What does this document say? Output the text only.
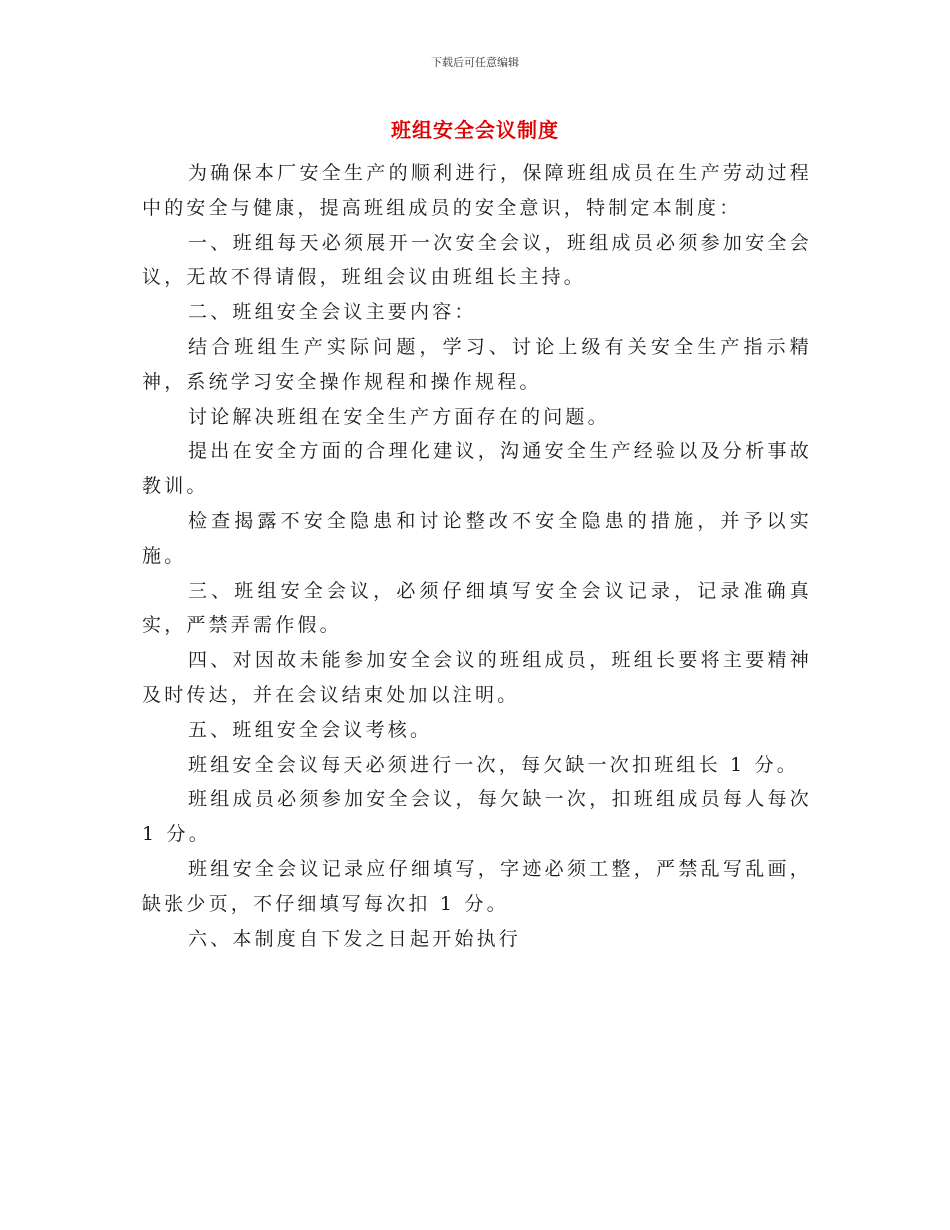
下载后可任意编辑
班组安全会议制度

为确保本厂安全生产的顺利进行，保障班组成员在生产劳动过程中的安全与健康，提高班组成员的安全意识，特制定本制度：

一、班组每天必须展开一次安全会议，班组成员必须参加安全会议，无故不得请假，班组会议由班组长主持。

二、班组安全会议主要内容：

结合班组生产实际问题，学习、讨论上级有关安全生产指示精神，系统学习安全操作规程和操作规程。

讨论解决班组在安全生产方面存在的问题。

提出在安全方面的合理化建议，沟通安全生产经验以及分析事故教训。

检查揭露不安全隐患和讨论整改不安全隐患的措施，并予以实施。

三、班组安全会议，必须仔细填写安全会议记录，记录准确真实，严禁弄需作假。

四、对因故未能参加安全会议的班组成员，班组长要将主要精神及时传达，并在会议结束处加以注明。

五、班组安全会议考核。

班组安全会议每天必须进行一次，每欠缺一次扣班组长 1 分。

班组成员必须参加安全会议，每欠缺一次，扣班组成员每人每次 1 分。

班组安全会议记录应仔细填写，字迹必须工整，严禁乱写乱画，缺张少页，不仔细填写每次扣 1 分。

六、本制度自下发之日起开始执行
